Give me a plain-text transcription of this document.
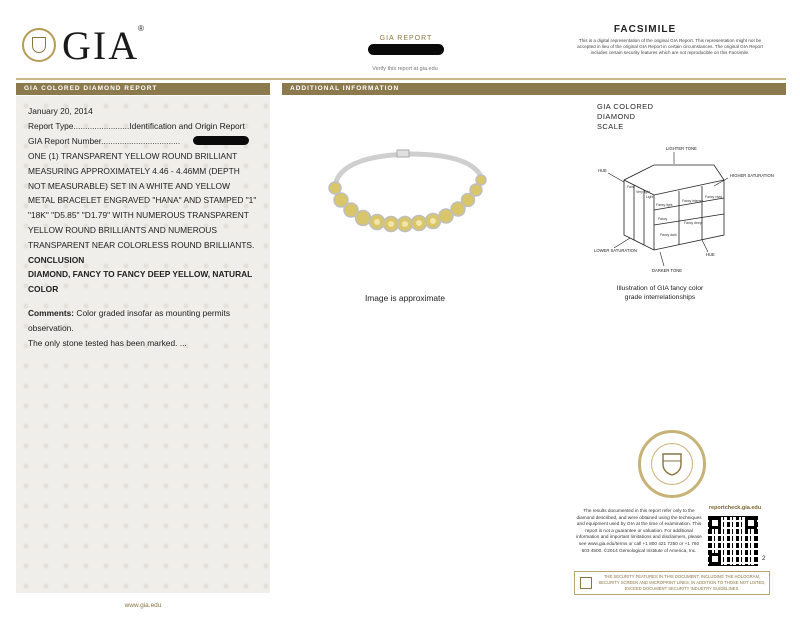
GIA
®
GIA REPORT
Verify this report at gia.edu
FACSIMILE
This is a digital representation of the original GIA Report. This representation might not be accepted in lieu of the original GIA Report in certain circumstances. The original GIA Report includes certain security features which are not reproducible on this Facsimile.
GIA COLORED DIAMOND REPORT
January 20, 2014
Report Type........................Identification and Origin Report
GIA Report Number..................................
ONE (1) TRANSPARENT YELLOW ROUND BRILLIANT
MEASURING APPROXIMATELY 4.46 - 4.46MM (DEPTH
NOT MEASURABLE) SET IN A WHITE AND YELLOW
METAL BRACELET ENGRAVED "HANA" AND STAMPED "1"
"18K" "D5.85" "D1.79" WITH NUMEROUS TRANSPARENT
YELLOW ROUND BRILLIANTS AND NUMEROUS
TRANSPARENT NEAR COLORLESS ROUND BRILLIANTS.
CONCLUSION
DIAMOND, FANCY TO FANCY DEEP YELLOW, NATURAL
COLOR
Comments: Color graded insofar as mounting permits
observation.
The only stone tested has been marked. ...
www.gia.edu
ADDITIONAL INFORMATION
Image is approximate
GIA COLORED
DIAMOND
SCALE
LIGHTER TONE
HUE
HIGHER SATURATION
LOWER SATURATION
HUE
DARKER TONE
Faint
Very light
Light
Fancy light
Fancy
Fancy intense
Fancy vivid
Fancy dark
Fancy deep
Illustration of GIA fancy color
grade interrelationships
The results documented in this report refer only to the diamond described, and were obtained using the techniques and equipment used by GIA at the time of examination. This report is not a guarantee or valuation. For additional information and important limitations and disclaimers, please see www.gia.edu/terms or call +1 800 421 7250 or +1 760 603 4500. ©2014 Gemological Institute of America, Inc.
reportcheck.gia.edu
2
THE SECURITY FEATURES IN THIS DOCUMENT, INCLUDING THE HOLOGRAM, SECURITY SCREEN AND MICROPRINT LINES, IN ADDITION TO THOSE NOT LISTED, EXCEED DOCUMENT SECURITY INDUSTRY GUIDELINES.
